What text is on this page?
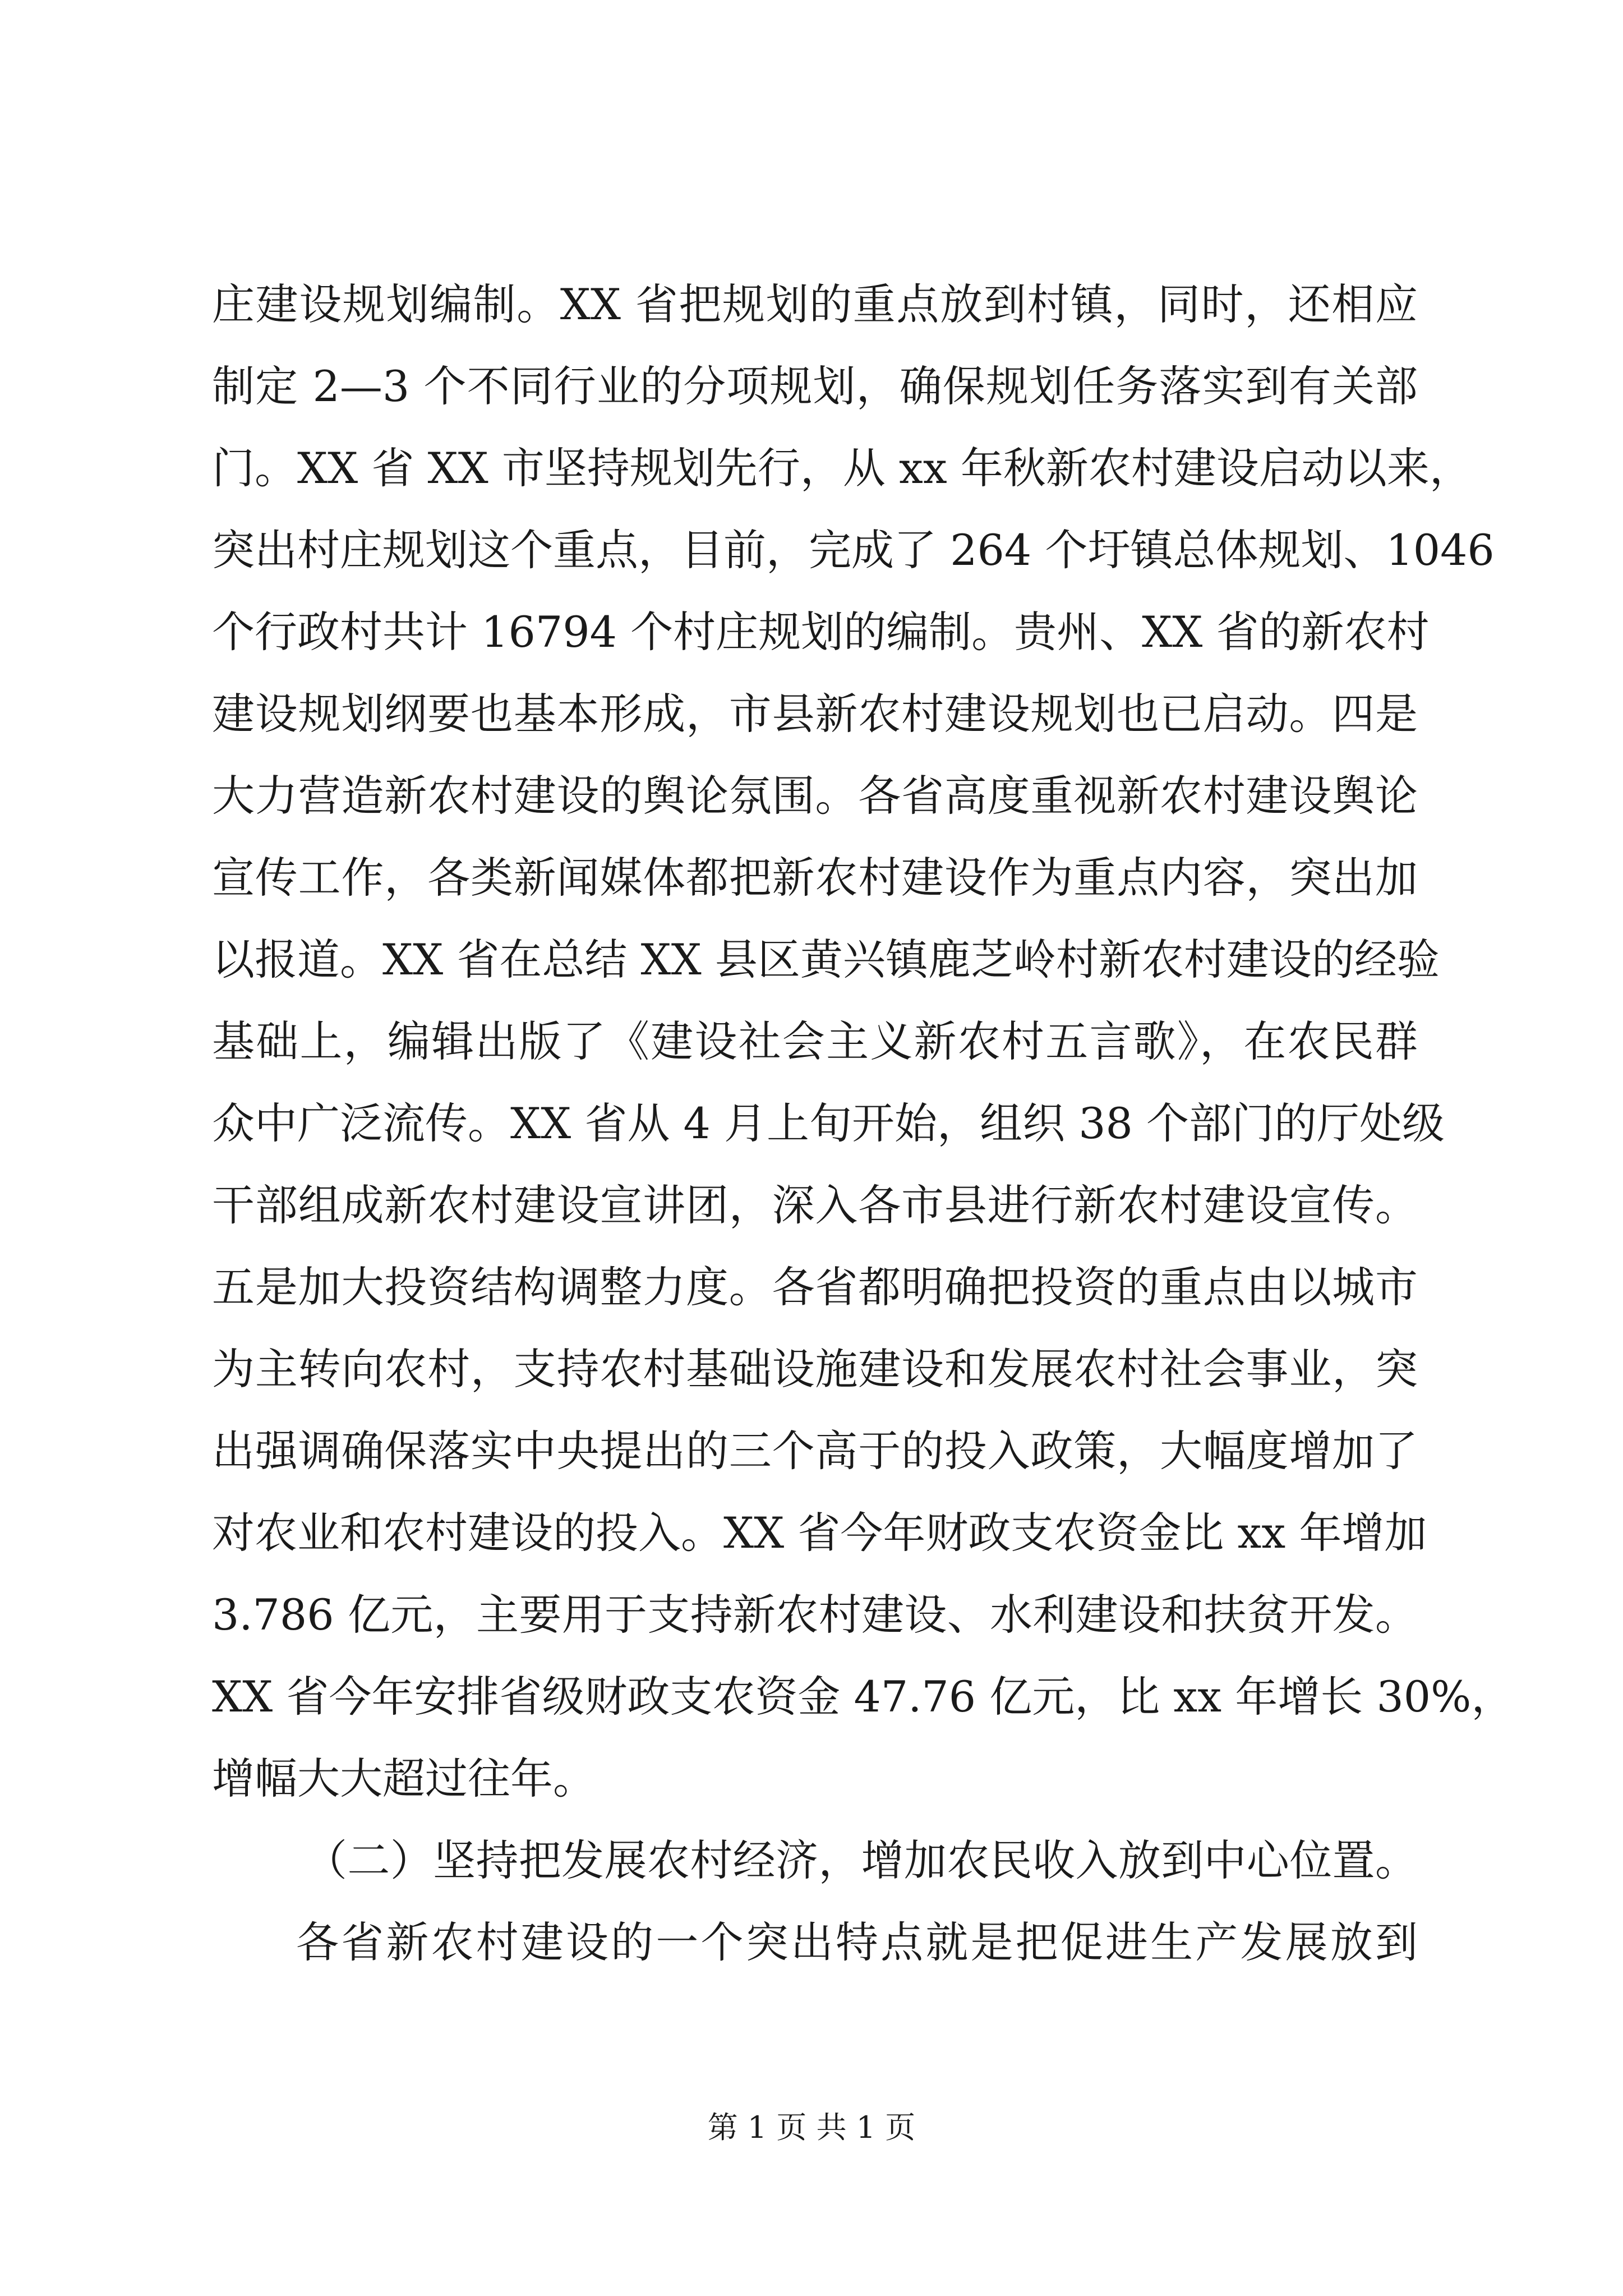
庄建设规划编制。XX 省把规划的重点放到村镇，同时，还相应
制定 2—3 个不同行业的分项规划，确保规划任务落实到有关部
门。XX 省 XX 市坚持规划先行，从 xx 年秋新农村建设启动以来，
突出村庄规划这个重点，目前，完成了 264 个圩镇总体规划、1046
个行政村共计 16794 个村庄规划的编制。贵州、XX 省的新农村
建设规划纲要也基本形成，市县新农村建设规划也已启动。四是
大力营造新农村建设的舆论氛围。各省高度重视新农村建设舆论
宣传工作，各类新闻媒体都把新农村建设作为重点内容，突出加
以报道。XX 省在总结 XX 县区黄兴镇鹿芝岭村新农村建设的经验
基础上，编辑出版了《建设社会主义新农村五言歌》，在农民群
众中广泛流传。XX 省从 4 月上旬开始，组织 38 个部门的厅处级
干部组成新农村建设宣讲团，深入各市县进行新农村建设宣传。
五是加大投资结构调整力度。各省都明确把投资的重点由以城市
为主转向农村，支持农村基础设施建设和发展农村社会事业，突
出强调确保落实中央提出的三个高于的投入政策，大幅度增加了
对农业和农村建设的投入。XX 省今年财政支农资金比 xx 年增加
3.786 亿元，主要用于支持新农村建设、水利建设和扶贫开发。
XX 省今年安排省级财政支农资金 47.76 亿元，比 xx 年增长 30%，
增幅大大超过往年。
（二）坚持把发展农村经济，增加农民收入放到中心位置。
各省新农村建设的一个突出特点就是把促进生产发展放到
第 1 页 共 1 页
